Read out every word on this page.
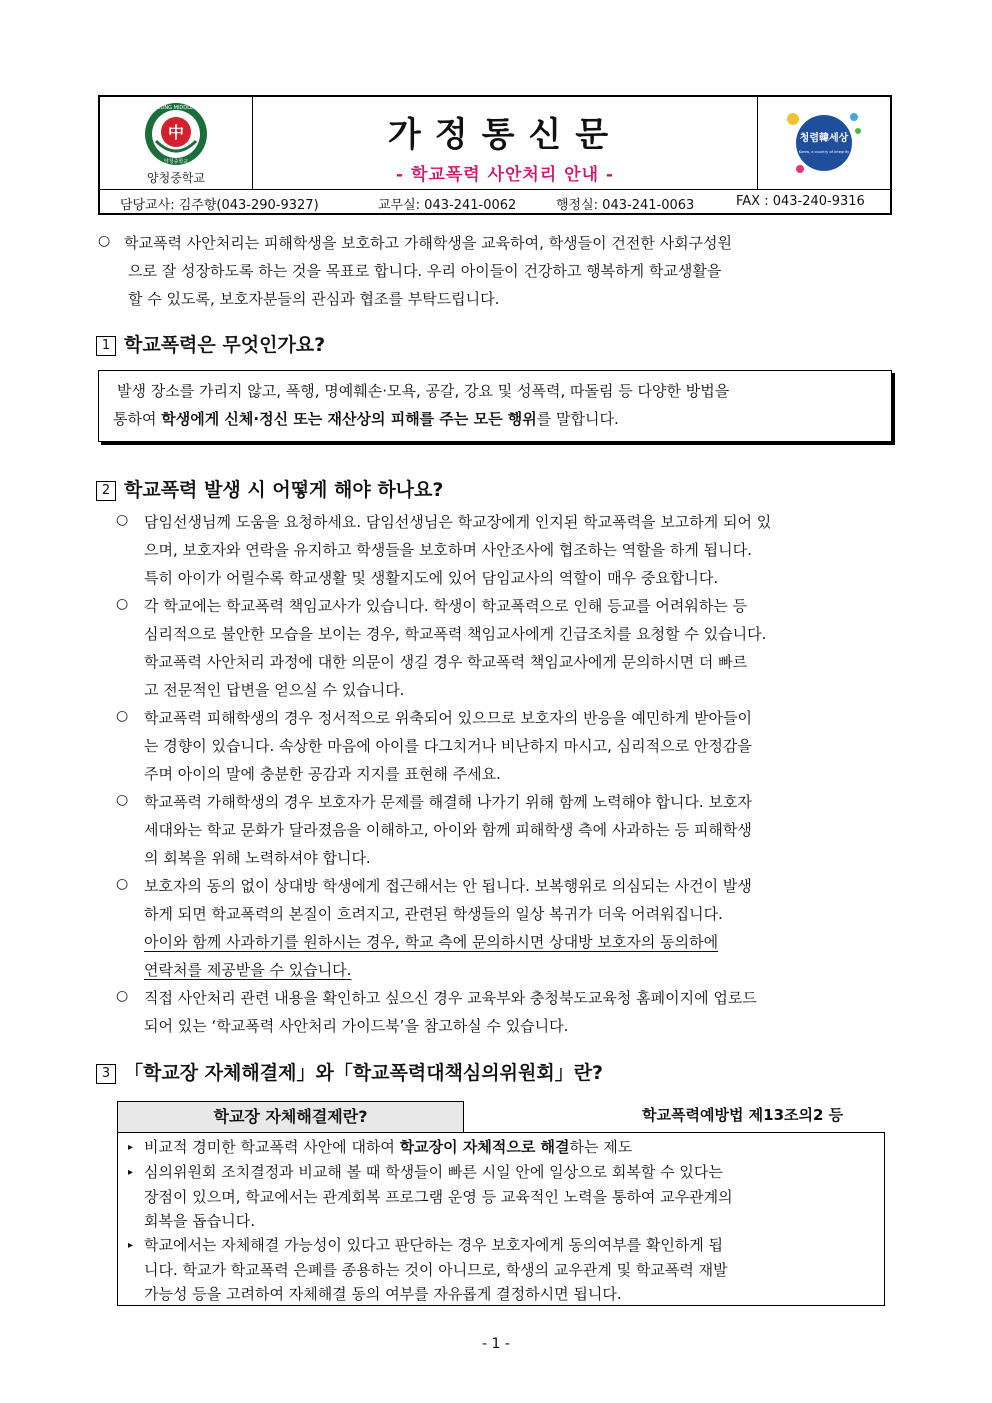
中
YANGCHEONG MIDDLE SCHOOL
양청중학교
양청중학교
가정통신문
- 학교폭력 사안처리 안내 -
청렴韓세상
Korea, a country of integrity
담당교사: 김주향(043-290-9327)	교무실: 043-241-0062	행정실: 043-241-0063	FAX : 043-240-9316
○ 학교폭력 사안처리는 피해학생을 보호하고 가해학생을 교육하여, 학생들이 건전한 사회구성원

으로 잘 성장하도록 하는 것을 목표로 합니다. 우리 아이들이 건강하고 행복하게 학교생활을

할 수 있도록, 보호자분들의 관심과 협조를 부탁드립니다.

1 학교폭력은 무엇인가요?

발생 장소를 가리지 않고, 폭행, 명예훼손·모욕, 공갈, 강요 및 성폭력, 따돌림 등 다양한 방법을

통하여 학생에게 신체·정신 또는 재산상의 피해를 주는 모든 행위를 말합니다.

2 학교폭력 발생 시 어떻게 해야 하나요?
○ 담임선생님께 도움을 요청하세요. 담임선생님은 학교장에게 인지된 학교폭력을 보고하게 되어 있

으며, 보호자와 연락을 유지하고 학생들을 보호하며 사안조사에 협조하는 역할을 하게 됩니다.

특히 아이가 어릴수록 학교생활 및 생활지도에 있어 담임교사의 역할이 매우 중요합니다.

○ 각 학교에는 학교폭력 책임교사가 있습니다. 학생이 학교폭력으로 인해 등교를 어려워하는 등

심리적으로 불안한 모습을 보이는 경우, 학교폭력 책임교사에게 긴급조치를 요청할 수 있습니다.

학교폭력 사안처리 과정에 대한 의문이 생길 경우 학교폭력 책임교사에게 문의하시면 더 빠르

고 전문적인 답변을 얻으실 수 있습니다.

○ 학교폭력 피해학생의 경우 정서적으로 위축되어 있으므로 보호자의 반응을 예민하게 받아들이

는 경향이 있습니다. 속상한 마음에 아이를 다그치거나 비난하지 마시고, 심리적으로 안정감을

주며 아이의 말에 충분한 공감과 지지를 표현해 주세요.

○ 학교폭력 가해학생의 경우 보호자가 문제를 해결해 나가기 위해 함께 노력해야 합니다. 보호자

세대와는 학교 문화가 달라졌음을 이해하고, 아이와 함께 피해학생 측에 사과하는 등 피해학생

의 회복을 위해 노력하셔야 합니다.

○ 보호자의 동의 없이 상대방 학생에게 접근해서는 안 됩니다. 보복행위로 의심되는 사건이 발생

하게 되면 학교폭력의 본질이 흐려지고, 관련된 학생들의 일상 복귀가 더욱 어려워집니다.

아이와 함께 사과하기를 원하시는 경우, 학교 측에 문의하시면 상대방 보호자의 동의하에

연락처를 제공받을 수 있습니다.

○ 직접 사안처리 관련 내용을 확인하고 싶으신 경우 교육부와 충청북도교육청 홈페이지에 업로드

되어 있는 ‘학교폭력 사안처리 가이드북’을 참고하실 수 있습니다.

3 「학교장 자체해결제」와「학교폭력대책심의위원회」란?
학교장 자체해결제란?	학교폭력예방법 제13조의2 등

▸ 비교적 경미한 학교폭력 사안에 대하여 학교장이 자체적으로 해결하는 제도

▸ 심의위원회 조치결정과 비교해 볼 때 학생들이 빠른 시일 안에 일상으로 회복할 수 있다는

장점이 있으며, 학교에서는 관계회복 프로그램 운영 등 교육적인 노력을 통하여 교우관계의

회복을 돕습니다.

▸ 학교에서는 자체해결 가능성이 있다고 판단하는 경우 보호자에게 동의여부를 확인하게 됩

니다. 학교가 학교폭력 은폐를 종용하는 것이 아니므로, 학생의 교우관계 및 학교폭력 재발

가능성 등을 고려하여 자체해결 동의 여부를 자유롭게 결정하시면 됩니다.

- 1 -
